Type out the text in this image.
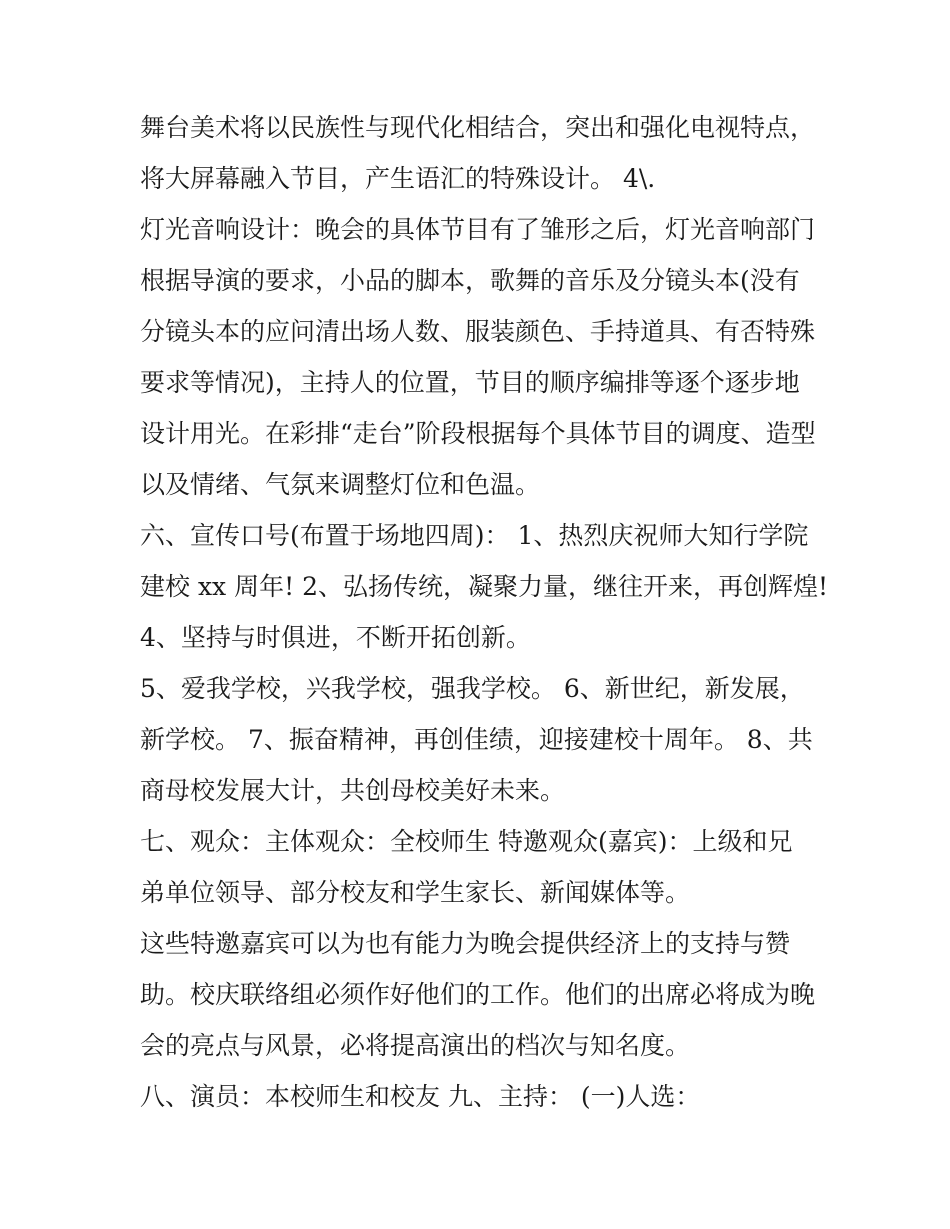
舞台美术将以民族性与现代化相结合，突出和强化电视特点，
将大屏幕融入节目，产生语汇的特殊设计。 4\.
灯光音响设计：晚会的具体节目有了雏形之后，灯光音响部门
根据导演的要求，小品的脚本，歌舞的音乐及分镜头本(没有
分镜头本的应问清出场人数、服装颜色、手持道具、有否特殊
要求等情况)，主持人的位置，节目的顺序编排等逐个逐步地
设计用光。在彩排“走台”阶段根据每个具体节目的调度、造型
以及情绪、气氛来调整灯位和色温。
六、宣传口号(布置于场地四周)： 1、热烈庆祝师大知行学院
建校 xx 周年! 2、弘扬传统，凝聚力量，继往开来，再创辉煌!
4、坚持与时俱进，不断开拓创新。
5、爱我学校，兴我学校，强我学校。 6、新世纪，新发展，
新学校。 7、振奋精神，再创佳绩，迎接建校十周年。 8、共
商母校发展大计，共创母校美好未来。
七、观众：主体观众：全校师生 特邀观众(嘉宾)：上级和兄
弟单位领导、部分校友和学生家长、新闻媒体等。
这些特邀嘉宾可以为也有能力为晚会提供经济上的支持与赞
助。校庆联络组必须作好他们的工作。他们的出席必将成为晚
会的亮点与风景，必将提高演出的档次与知名度。
八、演员：本校师生和校友 九、主持： (一)人选：
